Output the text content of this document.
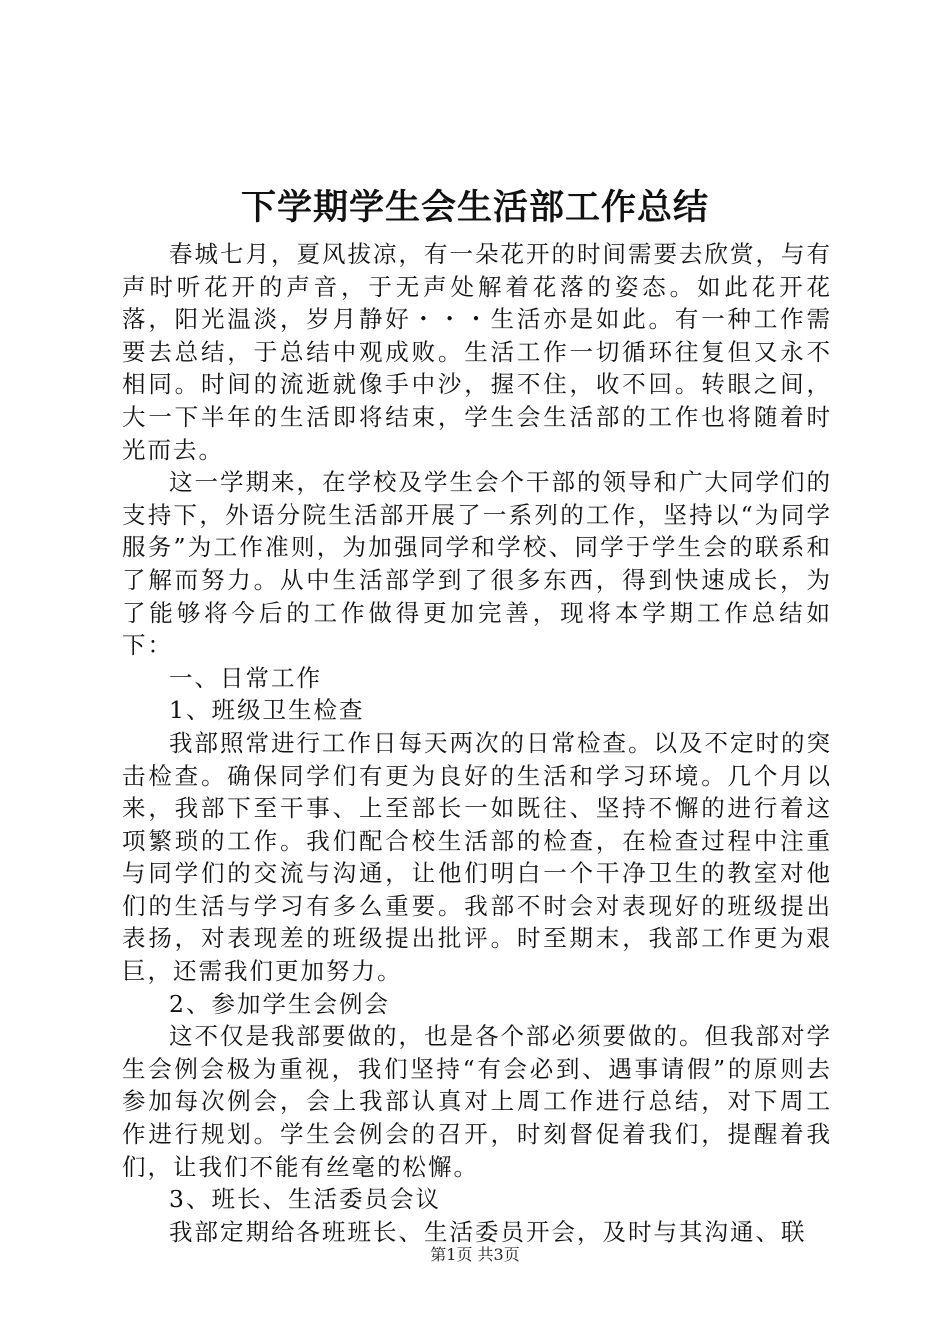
下学期学生会生活部工作总结

春城七月，夏风拔凉，有一朵花开的时间需要去欣赏，与有声时听花开的声音，于无声处解着花落的姿态。如此花开花落，阳光温淡，岁月静好・・・生活亦是如此。有一种工作需要去总结，于总结中观成败。生活工作一切循环往复但又永不相同。时间的流逝就像手中沙，握不住，收不回。转眼之间，大一下半年的生活即将结束，学生会生活部的工作也将随着时光而去。

这一学期来，在学校及学生会个干部的领导和广大同学们的支持下，外语分院生活部开展了一系列的工作，坚持以“为同学服务”为工作准则，为加强同学和学校、同学于学生会的联系和了解而努力。从中生活部学到了很多东西，得到快速成长，为了能够将今后的工作做得更加完善，现将本学期工作总结如下：

一、日常工作

1、班级卫生检查

我部照常进行工作日每天两次的日常检查。以及不定时的突击检查。确保同学们有更为良好的生活和学习环境。几个月以来，我部下至干事、上至部长一如既往、坚持不懈的进行着这项繁琐的工作。我们配合校生活部的检查，在检查过程中注重与同学们的交流与沟通，让他们明白一个干净卫生的教室对他们的生活与学习有多么重要。我部不时会对表现好的班级提出表扬，对表现差的班级提出批评。时至期末，我部工作更为艰巨，还需我们更加努力。

2、参加学生会例会

这不仅是我部要做的，也是各个部必须要做的。但我部对学生会例会极为重视，我们坚持“有会必到、遇事请假”的原则去参加每次例会，会上我部认真对上周工作进行总结，对下周工作进行规划。学生会例会的召开，时刻督促着我们，提醒着我们，让我们不能有丝毫的松懈。

3、班长、生活委员会议

我部定期给各班班长、生活委员开会，及时与其沟通、联

第1页 共3页
